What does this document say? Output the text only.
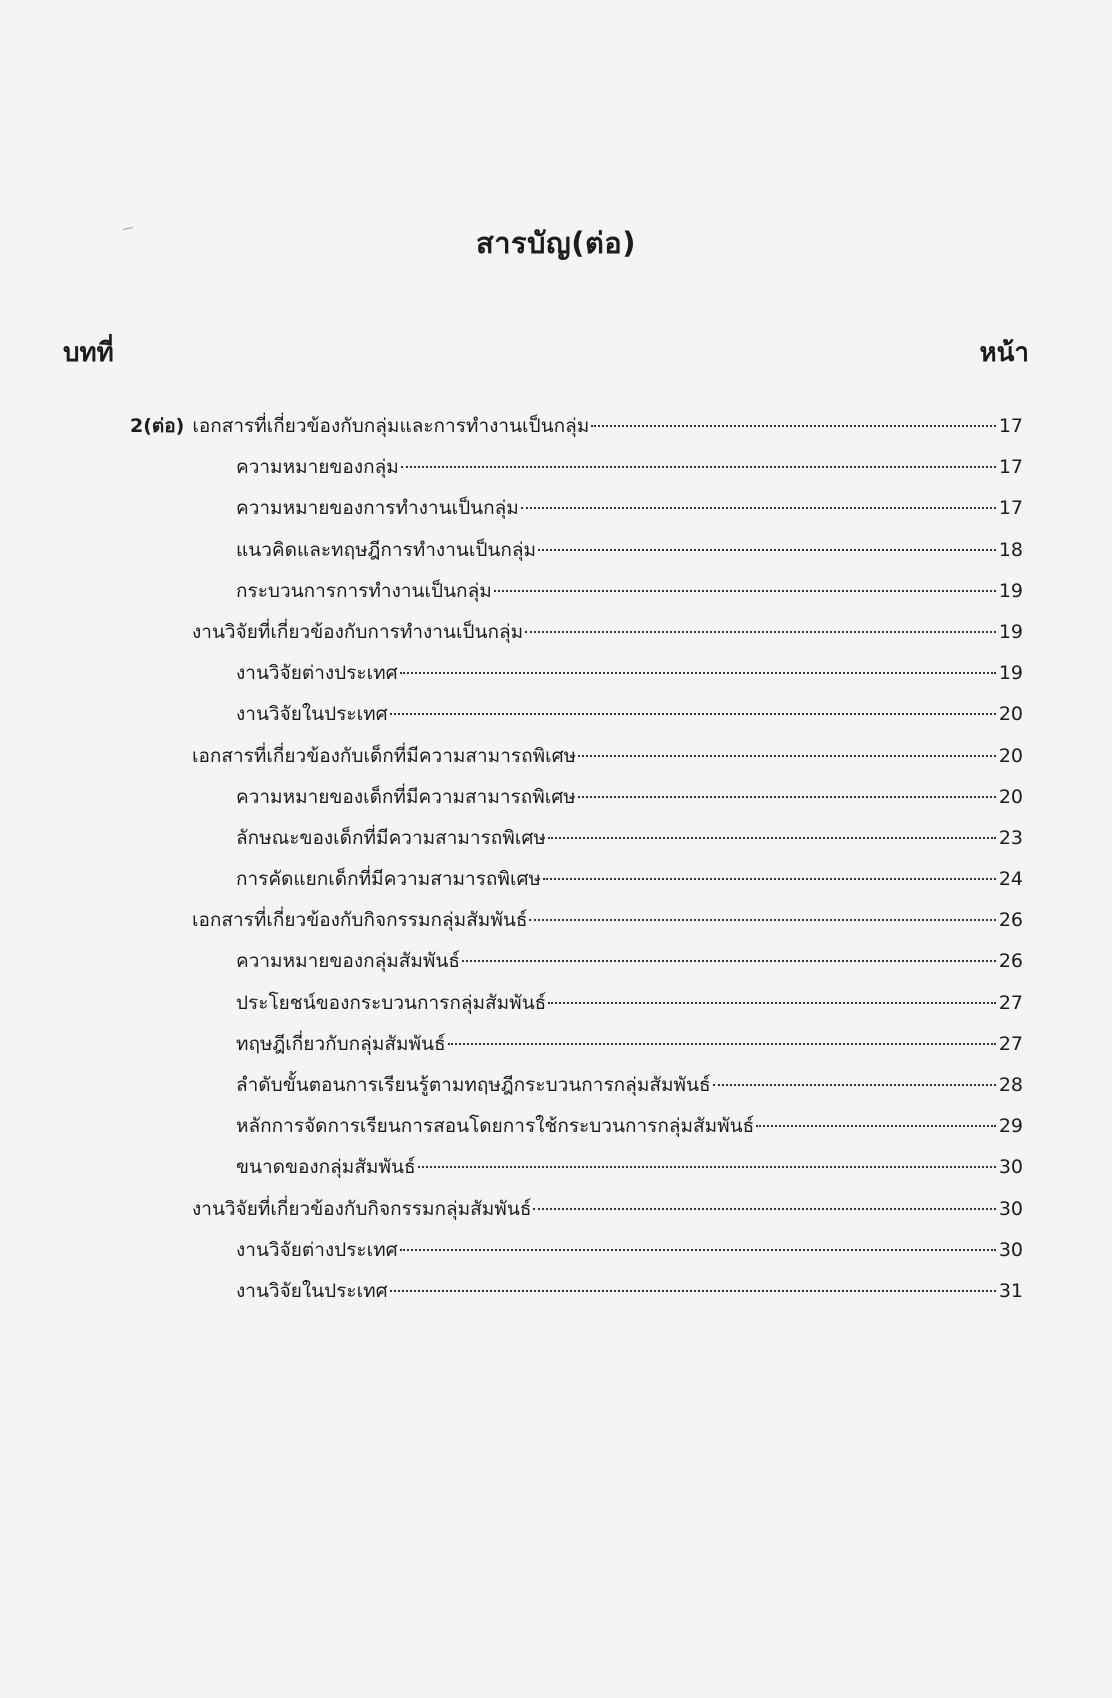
สารบัญ(ต่อ)
บทที่	หน้า
2(ต่อ) เอกสารที่เกี่ยวข้องกับกลุ่มและการทำงานเป็นกลุ่ม	17
ความหมายของกลุ่ม	17
ความหมายของการทำงานเป็นกลุ่ม	17
แนวคิดและทฤษฎีการทำงานเป็นกลุ่ม	18
กระบวนการการทำงานเป็นกลุ่ม	19
งานวิจัยที่เกี่ยวข้องกับการทำงานเป็นกลุ่ม	19
งานวิจัยต่างประเทศ	19
งานวิจัยในประเทศ	20
เอกสารที่เกี่ยวข้องกับเด็กที่มีความสามารถพิเศษ	20
ความหมายของเด็กที่มีความสามารถพิเศษ	20
ลักษณะของเด็กที่มีความสามารถพิเศษ	23
การคัดแยกเด็กที่มีความสามารถพิเศษ	24
เอกสารที่เกี่ยวข้องกับกิจกรรมกลุ่มสัมพันธ์	26
ความหมายของกลุ่มสัมพันธ์	26
ประโยชน์ของกระบวนการกลุ่มสัมพันธ์	27
ทฤษฎีเกี่ยวกับกลุ่มสัมพันธ์	27
ลำดับขั้นตอนการเรียนรู้ตามทฤษฎีกระบวนการกลุ่มสัมพันธ์	28
หลักการจัดการเรียนการสอนโดยการใช้กระบวนการกลุ่มสัมพันธ์	29
ขนาดของกลุ่มสัมพันธ์	30
งานวิจัยที่เกี่ยวข้องกับกิจกรรมกลุ่มสัมพันธ์	30
งานวิจัยต่างประเทศ	30
งานวิจัยในประเทศ	31
